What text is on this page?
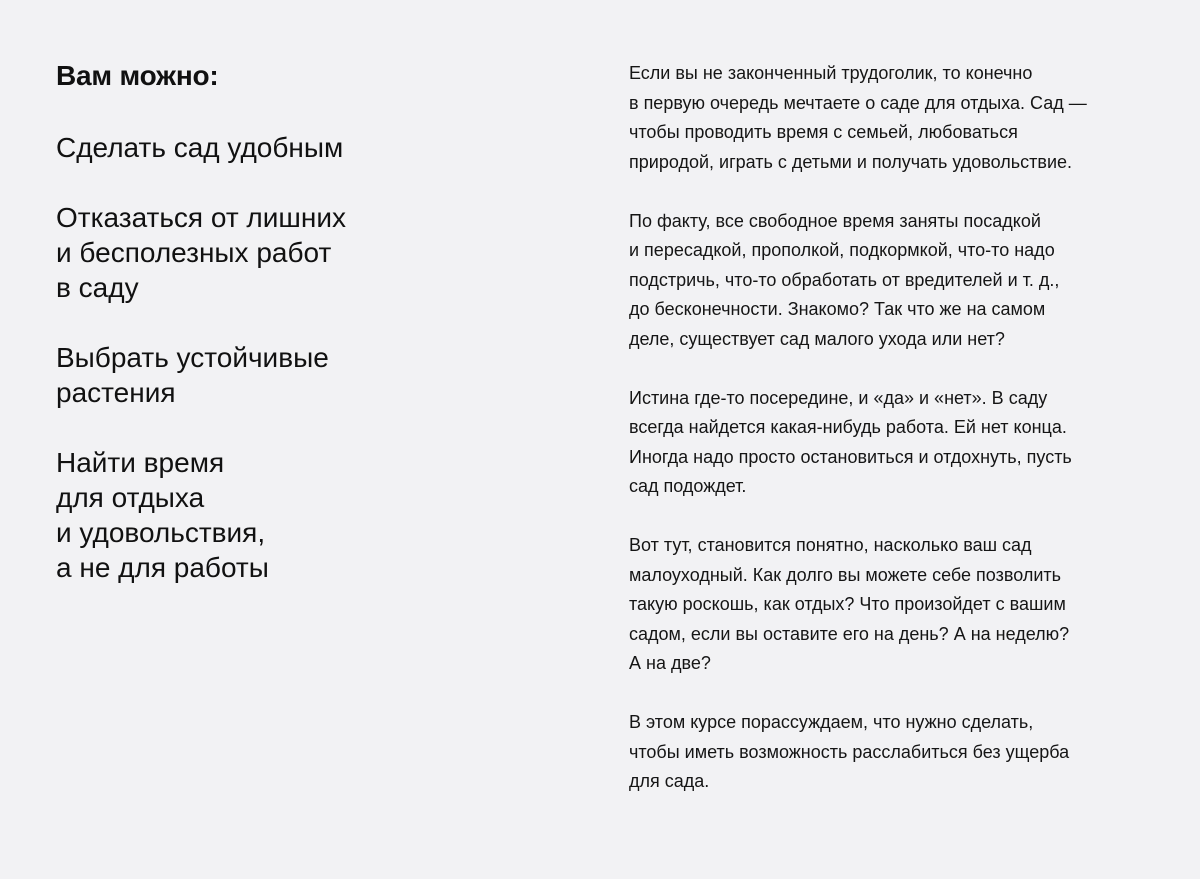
Вам можно:
Сделать сад удобным
Отказаться от лишних
и бесполезных работ
в саду
Выбрать устойчивые
растения
Найти время
для отдыха
и удовольствия,
а не для работы

Если вы не законченный трудоголик, то конечно
в первую очередь мечтаете о саде для отдыха. Сад —
чтобы проводить время с семьей, любоваться
природой, играть с детьми и получать удовольствие.

По факту, все свободное время заняты посадкой
и пересадкой, прополкой, подкормкой, что-то надо
подстричь, что-то обработать от вредителей и т. д.,
до бесконечности. Знакомо? Так что же на самом
деле, существует сад малого ухода или нет?

Истина где-то посередине, и «да» и «нет». В саду
всегда найдется какая-нибудь работа. Ей нет конца.
Иногда надо просто остановиться и отдохнуть, пусть
сад подождет.

Вот тут, становится понятно, насколько ваш сад
малоуходный. Как долго вы можете себе позволить
такую роскошь, как отдых? Что произойдет с вашим
садом, если вы оставите его на день? А на неделю?
А на две?

В этом курсе порассуждаем, что нужно сделать,
чтобы иметь возможность расслабиться без ущерба
для сада.
